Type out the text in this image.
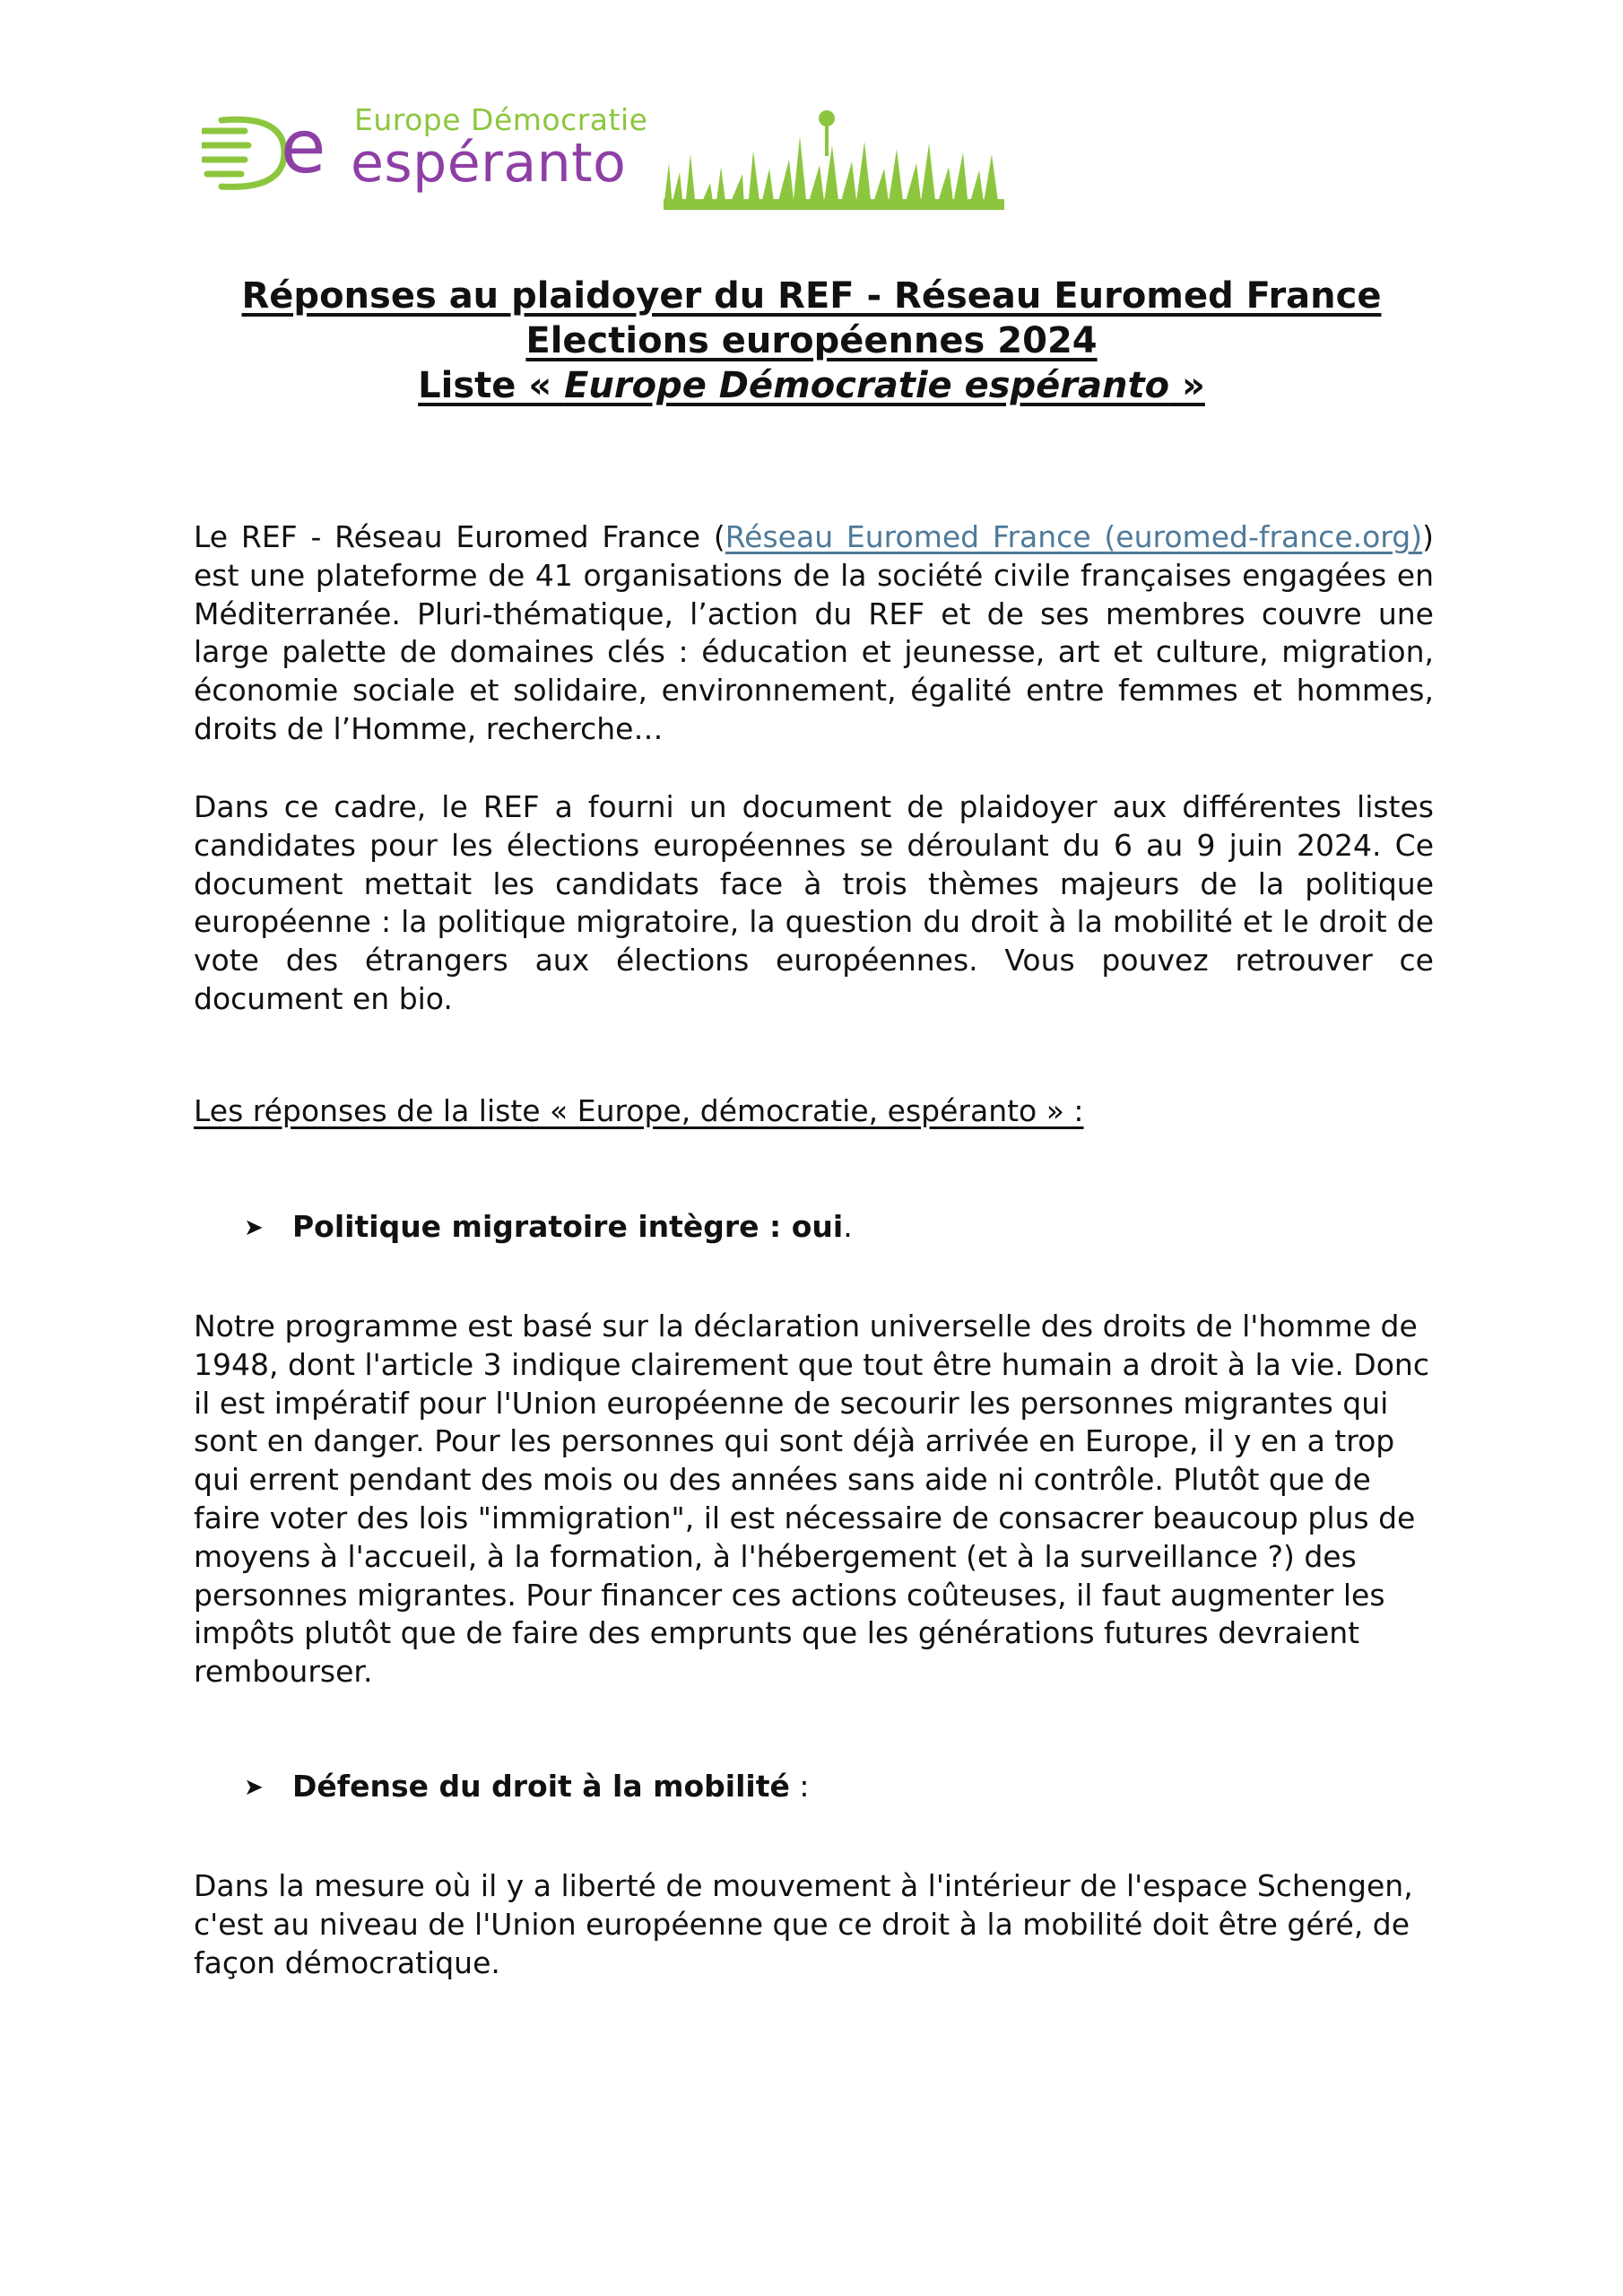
e Europe Démocratie
espéranto
Réponses au plaidoyer du REF - Réseau Euromed France
Elections européennes 2024
Liste « Europe Démocratie espéranto »
Le REF - Réseau Euromed France (Réseau Euromed France (euromed-france.org)) est une plateforme de 41 organisations de la société civile françaises engagées en Méditerranée. Pluri-thématique, l’action du REF et de ses membres couvre une large palette de domaines clés : éducation et jeunesse, art et culture, migration, économie sociale et solidaire, environnement, égalité entre femmes et hommes, droits de l’Homme, recherche…
Dans ce cadre, le REF a fourni un document de plaidoyer aux différentes listes candidates pour les élections européennes se déroulant du 6 au 9 juin 2024. Ce document mettait les candidats face à trois thèmes majeurs de la politique européenne : la politique migratoire, la question du droit à la mobilité et le droit de vote des étrangers aux élections européennes. Vous pouvez retrouver ce document en bio.
Les réponses de la liste « Europe, démocratie, espéranto » :
➤ Politique migratoire intègre : oui.
Notre programme est basé sur la déclaration universelle des droits de l'homme de 1948, dont l'article 3 indique clairement que tout être humain a droit à la vie. Donc il est impératif pour l'Union européenne de secourir les personnes migrantes qui sont en danger. Pour les personnes qui sont déjà arrivée en Europe, il y en a trop qui errent pendant des mois ou des années sans aide ni contrôle. Plutôt que de faire voter des lois "immigration", il est nécessaire de consacrer beaucoup plus de moyens à l'accueil, à la formation, à l'hébergement (et à la surveillance ?) des personnes migrantes. Pour financer ces actions coûteuses, il faut augmenter les impôts plutôt que de faire des emprunts que les générations futures devraient rembourser.
➤ Défense du droit à la mobilité :
Dans la mesure où il y a liberté de mouvement à l'intérieur de l'espace Schengen, c'est au niveau de l'Union européenne que ce droit à la mobilité doit être géré, de façon démocratique.
